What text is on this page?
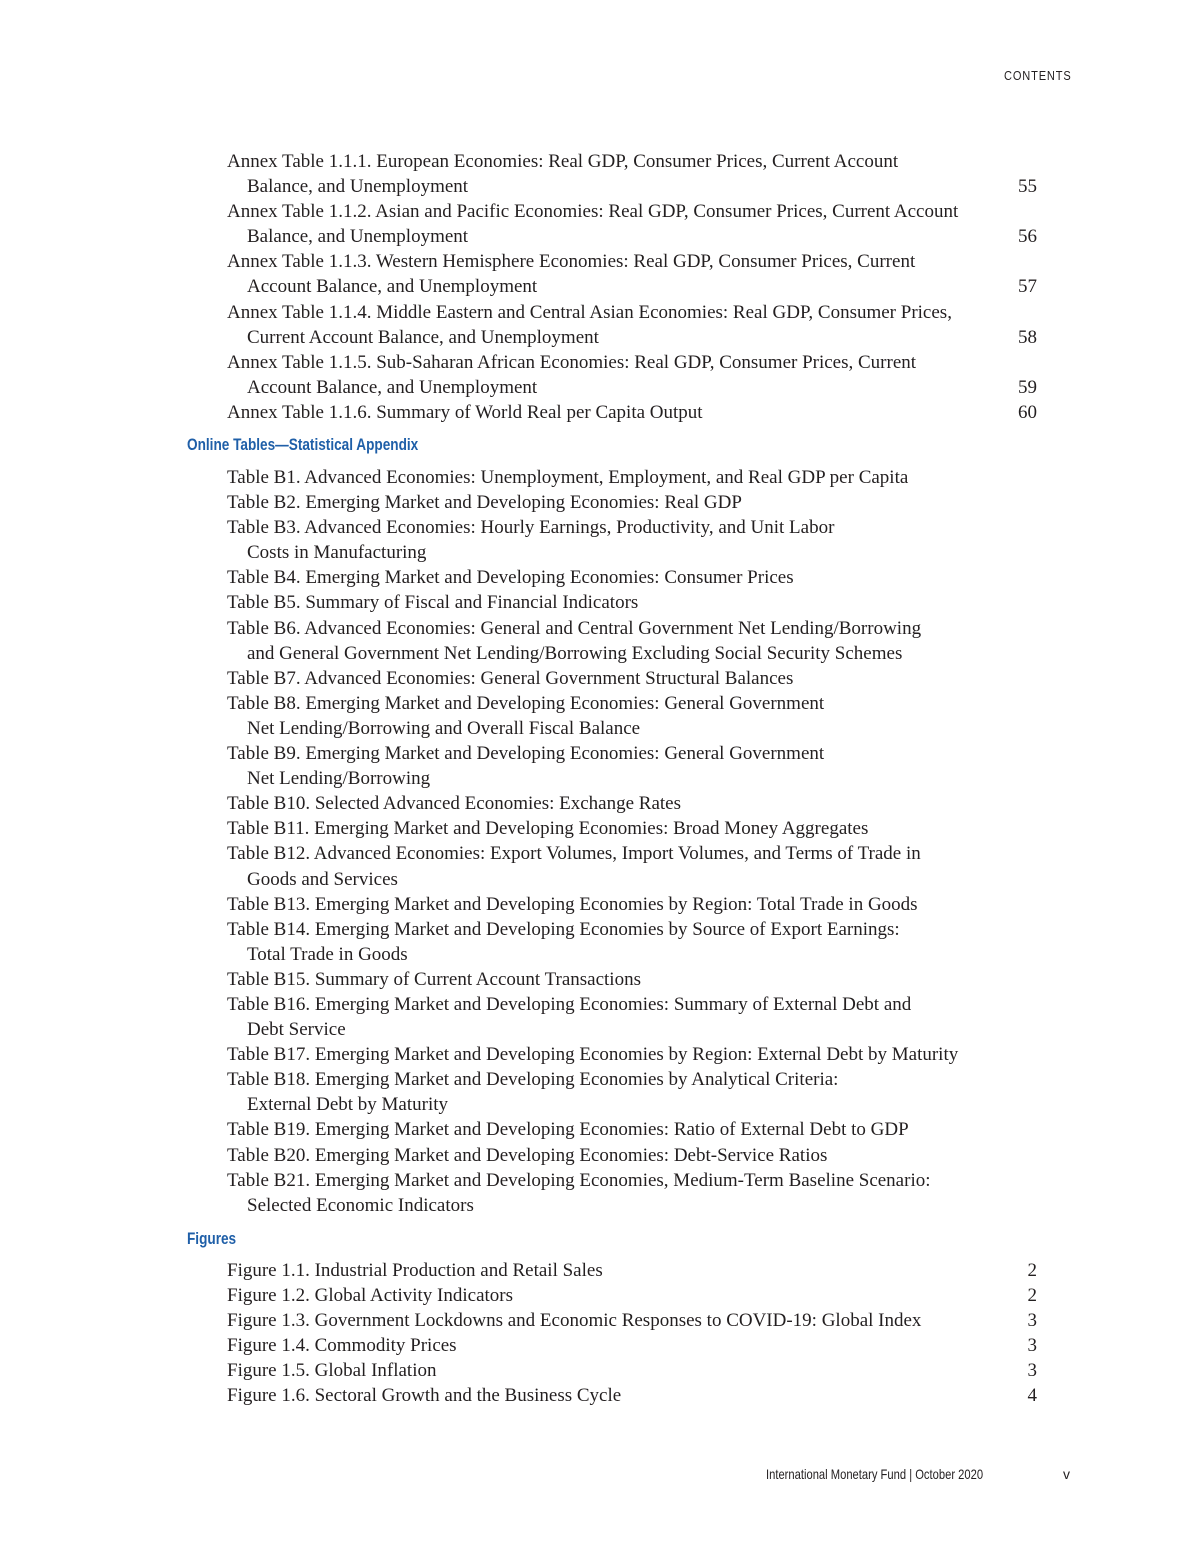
CONTENTS
Annex Table 1.1.1. European Economies: Real GDP, Consumer Prices, Current Account
Balance, and Unemployment	55
Annex Table 1.1.2. Asian and Pacific Economies: Real GDP, Consumer Prices, Current Account
Balance, and Unemployment	56
Annex Table 1.1.3. Western Hemisphere Economies: Real GDP, Consumer Prices, Current
Account Balance, and Unemployment	57
Annex Table 1.1.4. Middle Eastern and Central Asian Economies: Real GDP, Consumer Prices,
Current Account Balance, and Unemployment	58
Annex Table 1.1.5. Sub-Saharan African Economies: Real GDP, Consumer Prices, Current
Account Balance, and Unemployment	59
Annex Table 1.1.6. Summary of World Real per Capita Output	60
Online Tables—Statistical Appendix
Table B1. Advanced Economies: Unemployment, Employment, and Real GDP per Capita
Table B2. Emerging Market and Developing Economies: Real GDP
Table B3. Advanced Economies: Hourly Earnings, Productivity, and Unit Labor
Costs in Manufacturing
Table B4. Emerging Market and Developing Economies: Consumer Prices
Table B5. Summary of Fiscal and Financial Indicators
Table B6. Advanced Economies: General and Central Government Net Lending/Borrowing
and General Government Net Lending/Borrowing Excluding Social Security Schemes
Table B7. Advanced Economies: General Government Structural Balances
Table B8. Emerging Market and Developing Economies: General Government
Net Lending/Borrowing and Overall Fiscal Balance
Table B9. Emerging Market and Developing Economies: General Government
Net Lending/Borrowing
Table B10. Selected Advanced Economies: Exchange Rates
Table B11. Emerging Market and Developing Economies: Broad Money Aggregates
Table B12. Advanced Economies: Export Volumes, Import Volumes, and Terms of Trade in
Goods and Services
Table B13. Emerging Market and Developing Economies by Region: Total Trade in Goods
Table B14. Emerging Market and Developing Economies by Source of Export Earnings:
Total Trade in Goods
Table B15. Summary of Current Account Transactions
Table B16. Emerging Market and Developing Economies: Summary of External Debt and
Debt Service
Table B17. Emerging Market and Developing Economies by Region: External Debt by Maturity
Table B18. Emerging Market and Developing Economies by Analytical Criteria:
External Debt by Maturity
Table B19. Emerging Market and Developing Economies: Ratio of External Debt to GDP
Table B20. Emerging Market and Developing Economies: Debt-Service Ratios
Table B21. Emerging Market and Developing Economies, Medium-Term Baseline Scenario:
Selected Economic Indicators
Figures
Figure 1.1. Industrial Production and Retail Sales	2
Figure 1.2. Global Activity Indicators	2
Figure 1.3. Government Lockdowns and Economic Responses to COVID-19: Global Index	3
Figure 1.4. Commodity Prices	3
Figure 1.5. Global Inflation	3
Figure 1.6. Sectoral Growth and the Business Cycle	4
International Monetary Fund | October 2020	v
